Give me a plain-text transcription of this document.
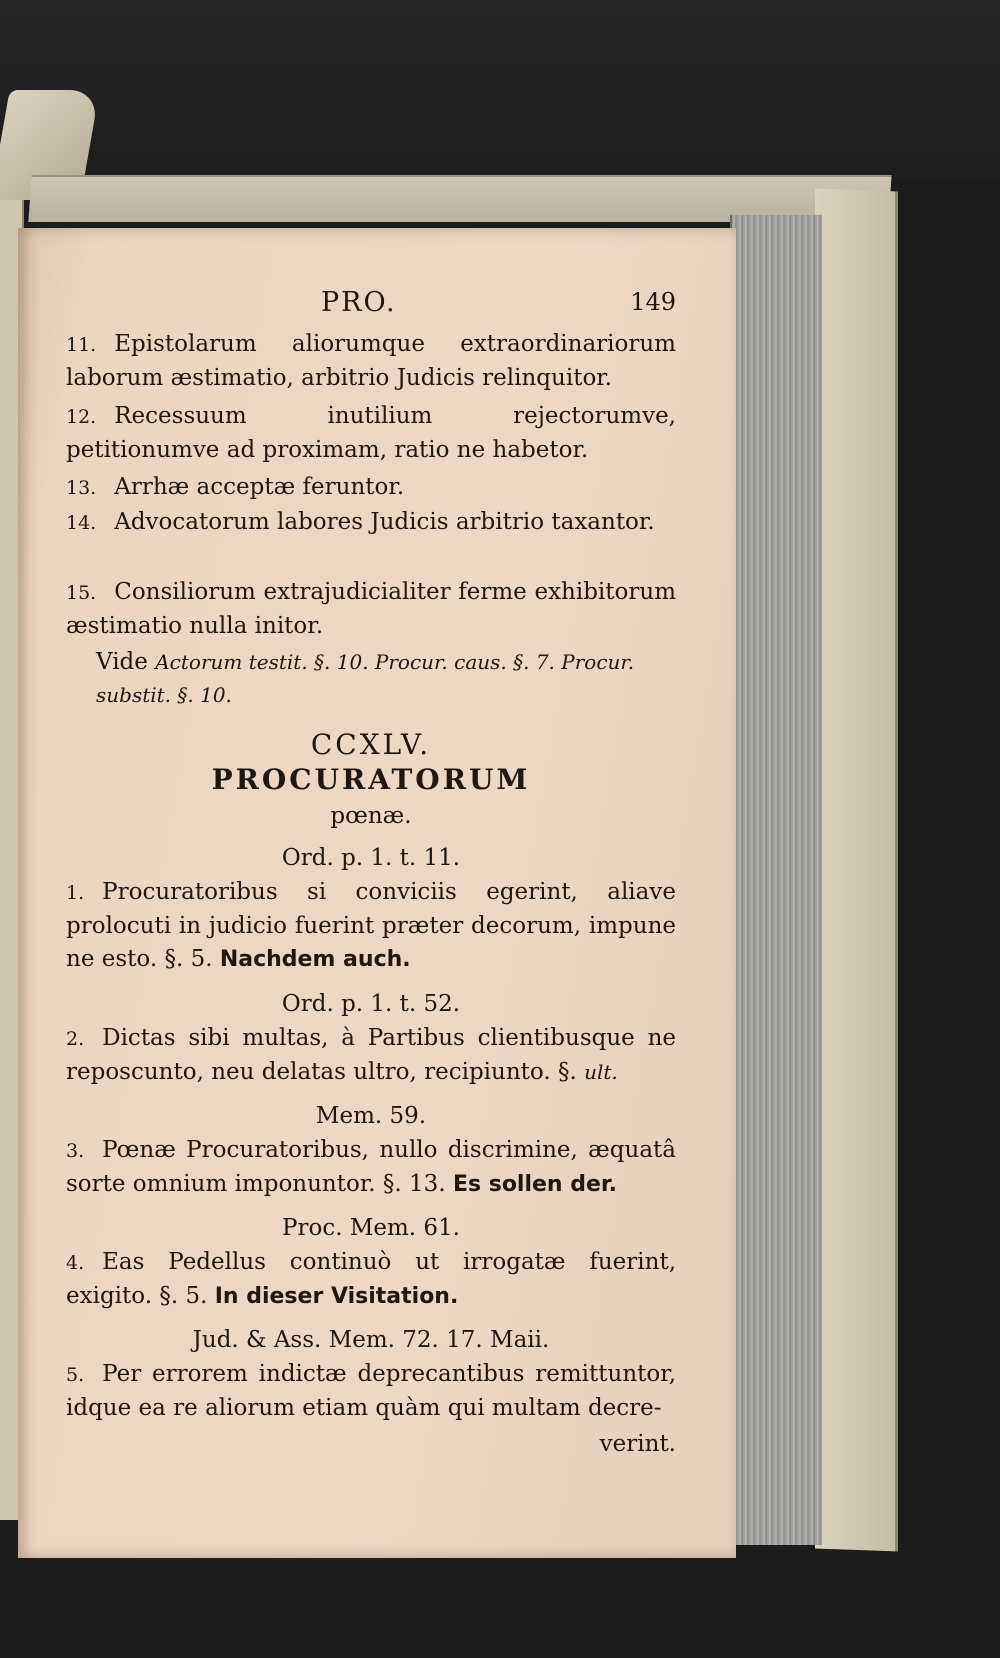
PRO.	149
11. Epistolarum aliorumque extraordinariorum laborum æstimatio, arbitrio Judicis relinquitor.
12. Recessuum inutilium rejectorumve, petitionumve ad proximam, ratio ne habetor.
13. Arrhæ acceptæ feruntor.
14. Advocatorum labores Judicis arbitrio taxantor.
15. Consiliorum extrajudicialiter ferme exhibitorum æstimatio nulla initor.
Vide Actorum testit. §. 10. Procur. caus. §. 7. Procur. substit. §. 10.
CCXLV.
PROCURATORUM
pœnæ.
Ord. p. 1. t. 11.
1. Procuratoribus si conviciis egerint, aliave prolocuti in judicio fuerint præter decorum, impune ne esto. §. 5. Nachdem auch.
Ord. p. 1. t. 52.
2. Dictas sibi multas, à Partibus clientibusque ne reposcunto, neu delatas ultro, recipiunto. §. ult.
Mem. 59.
3. Pœnæ Procuratoribus, nullo discrimine, æquatâ sorte omnium imponuntor. §. 13. Es sollen der.
Proc. Mem. 61.
4. Eas Pedellus continuò ut irrogatæ fuerint, exigito. §. 5. In dieser Visitation.
Jud. & Ass. Mem. 72. 17. Maii.
5. Per errorem indictæ deprecantibus remittuntor, idque ea re aliorum etiam quàm qui multam decre-
verint.
